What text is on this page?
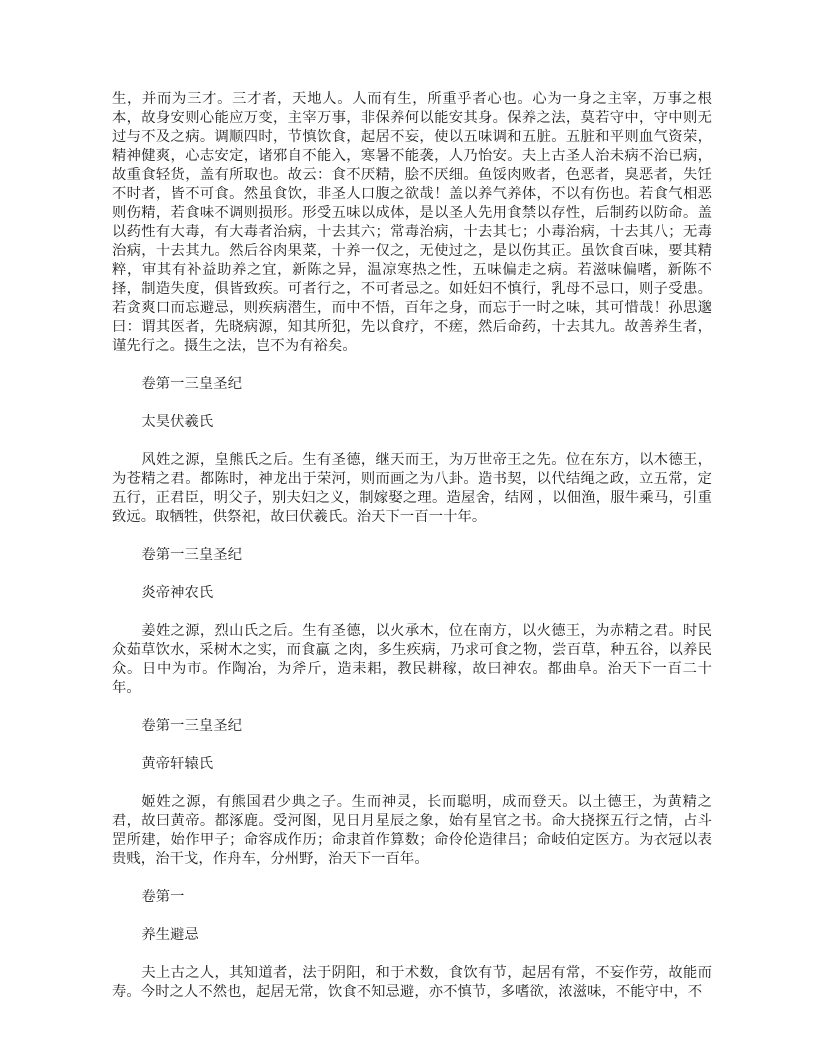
生，并而为三才。三才者，天地人。人而有生，所重乎者心也。心为一身之主宰，万事之根本，故身安则心能应万变，主宰万事，非保养何以能安其身。保养之法，莫若守中，守中则无过与不及之病。调顺四时，节慎饮食，起居不妄，使以五味调和五脏。五脏和平则血气资荣，精神健爽，心志安定，诸邪自不能入，寒暑不能袭，人乃怡安。夫上古圣人治未病不治已病，故重食轻货，盖有所取也。故云：食不厌精，脍不厌细。鱼馁肉败者，色恶者，臭恶者，失饪不时者，皆不可食。然虽食饮，非圣人口腹之欲哉！盖以养气养体，不以有伤也。若食气相恶则伤精，若食味不调则损形。形受五味以成体，是以圣人先用食禁以存性，后制药以防命。盖以药性有大毒，有大毒者治病，十去其六；常毒治病，十去其七；小毒治病，十去其八；无毒治病，十去其九。然后谷肉果菜，十养一仅之，无使过之，是以伤其正。虽饮食百味，要其精粹，审其有补益助养之宜，新陈之异，温凉寒热之性，五味偏走之病。若滋味偏嗜，新陈不择，制造失度，俱皆致疾。可者行之，不可者忌之。如妊妇不慎行，乳母不忌口，则子受患。若贪爽口而忘避忌，则疾病潜生，而中不悟，百年之身，而忘于一时之味，其可惜哉！孙思邈曰：谓其医者，先晓病源，知其所犯，先以食疗，不瘥，然后命药，十去其九。故善养生者，谨先行之。摄生之法，岂不为有裕矣。

卷第一三皇圣纪

太昊伏羲氏

风姓之源，皇熊氏之后。生有圣德，继天而王，为万世帝王之先。位在东方，以木德王，为苍精之君。都陈时，神龙出于荣河，则而画之为八卦。造书契，以代结绳之政，立五常，定五行，正君臣，明父子，别夫妇之义，制嫁娶之理。造屋舍，结网 ，以佃渔，服牛乘马，引重致远。取牺牲，供祭祀，故曰伏羲氏。治天下一百一十年。

卷第一三皇圣纪

炎帝神农氏

姜姓之源，烈山氏之后。生有圣德，以火承木，位在南方，以火德王，为赤精之君。时民众茹草饮水，采树木之实，而食蠃 之肉，多生疾病，乃求可食之物，尝百草，种五谷，以养民众。日中为市。作陶冶，为斧斤，造耒耜，教民耕稼，故曰神农。都曲阜。治天下一百二十年。

卷第一三皇圣纪

黄帝轩辕氏

姬姓之源，有熊国君少典之子。生而神灵，长而聪明，成而登天。以土德王，为黄精之君，故曰黄帝。都涿鹿。受河图，见日月星辰之象，始有星官之书。命大挠探五行之情，占斗罡所建，始作甲子；命容成作历；命隶首作算数；命伶伦造律吕；命岐伯定医方。为衣冠以表贵贱，治干戈，作舟车，分州野，治天下一百年。

卷第一

养生避忌

夫上古之人，其知道者，法于阴阳，和于术数，食饮有节，起居有常，不妄作劳，故能而寿。今时之人不然也，起居无常，饮食不知忌避，亦不慎节，多嗜欲，浓滋味，不能守中，不
